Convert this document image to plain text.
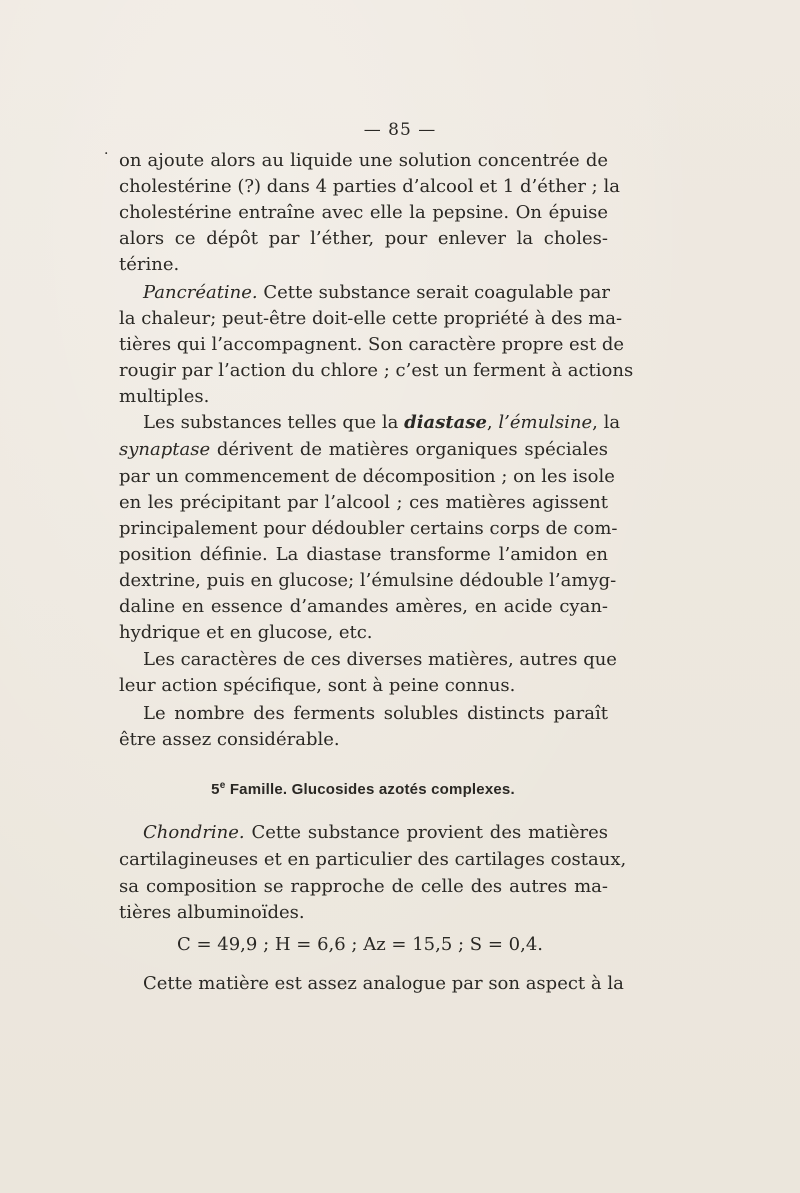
— 85 —
· on ajoute alors au liquide une solution concentrée de
cholestérine (?) dans 4 parties d’alcool et 1 d’éther ; la
cholestérine entraîne avec elle la pepsine. On épuise
alors ce dépôt par l’éther, pour enlever la choles-
térine.
Pancréatine. Cette substance serait coagulable par
la chaleur; peut-être doit-elle cette propriété à des ma-
tières qui l’accompagnent. Son caractère propre est de
rougir par l’action du chlore ; c’est un ferment à actions
multiples.
Les substances telles que la diastase, l’émulsine, la
synaptase dérivent de matières organiques spéciales
par un commencement de décomposition ; on les isole
en les précipitant par l’alcool ; ces matières agissent
principalement pour dédoubler certains corps de com-
position définie. La diastase transforme l’amidon en
dextrine, puis en glucose; l’émulsine dédouble l’amyg-
daline en essence d’amandes amères, en acide cyan-
hydrique et en glucose, etc.
Les caractères de ces diverses matières, autres que
leur action spécifique, sont à peine connus.
Le nombre des ferments solubles distincts paraît
être assez considérable.
5e Famille. Glucosides azotés complexes.
Chondrine. Cette substance provient des matières
cartilagineuses et en particulier des cartilages costaux,
sa composition se rapproche de celle des autres ma-
tières albuminoïdes.
C = 49,9 ; H = 6,6 ; Az = 15,5 ; S = 0,4.
Cette matière est assez analogue par son aspect à la
